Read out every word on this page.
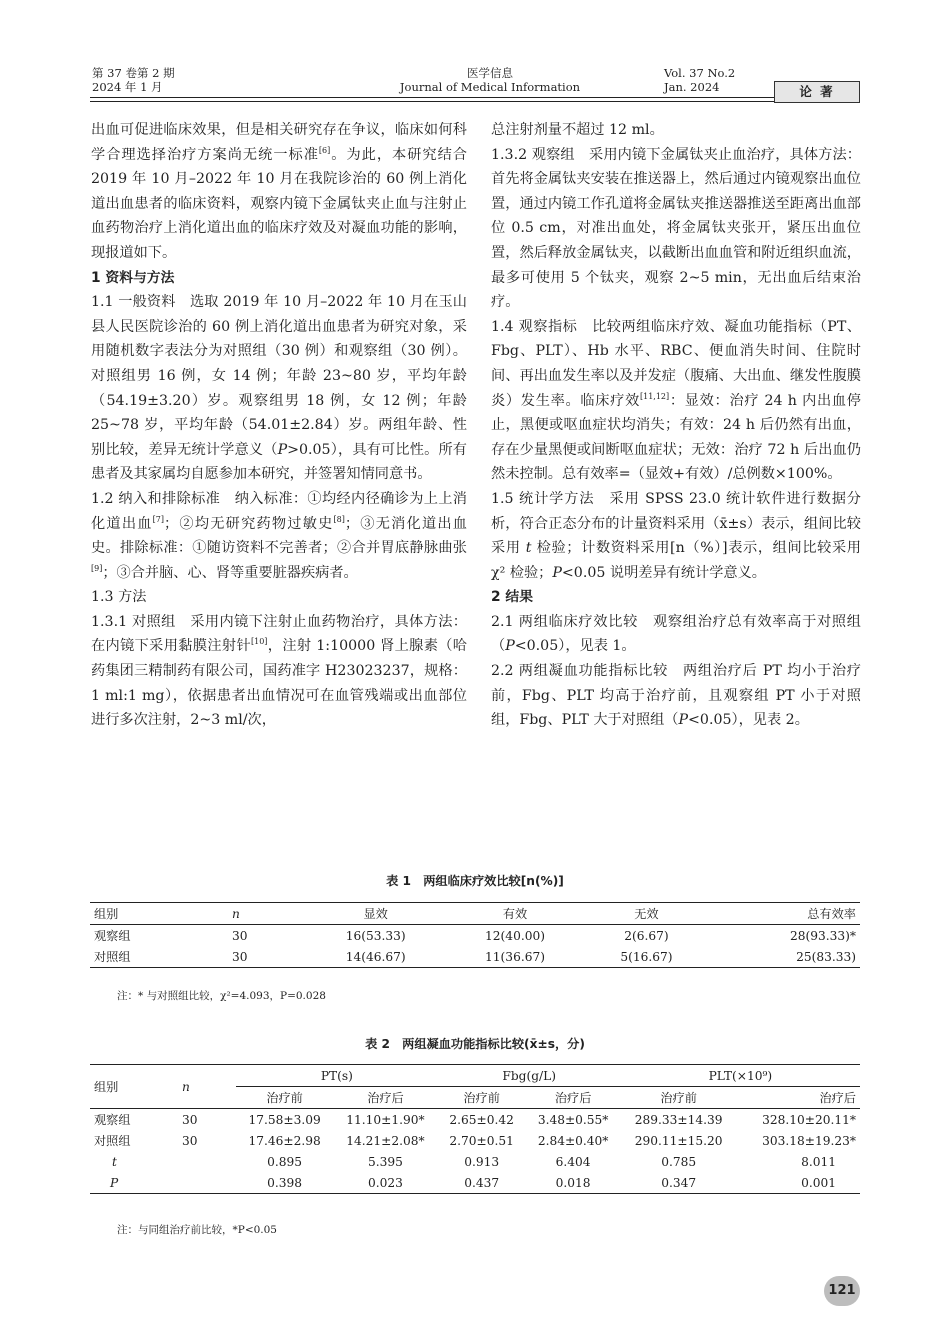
第 37 卷第 2 期
2024 年 1 月
医学信息
Journal of Medical Information
Vol. 37 No.2
Jan. 2024	论 著

出血可促进临床效果，但是相关研究存在争议，临床如何科学合理选择治疗方案尚无统一标准[6]。为此，本研究结合 2019 年 10 月–2022 年 10 月在我院诊治的 60 例上消化道出血患者的临床资料，观察内镜下金属钛夹止血与注射止血药物治疗上消化道出血的临床疗效及对凝血功能的影响，现报道如下。

1 资料与方法

1.1 一般资料　选取 2019 年 10 月–2022 年 10 月在玉山县人民医院诊治的 60 例上消化道出血患者为研究对象，采用随机数字表法分为对照组（30 例）和观察组（30 例）。对照组男 16 例，女 14 例；年龄 23~80 岁，平均年龄（54.19±3.20）岁。观察组男 18 例，女 12 例；年龄 25~78 岁，平均年龄（54.01±2.84）岁。两组年龄、性别比较，差异无统计学意义（P>0.05），具有可比性。所有患者及其家属均自愿参加本研究，并签署知情同意书。

1.2 纳入和排除标准　纳入标准：①均经内径确诊为上上消化道出血[7]；②均无研究药物过敏史[8]；③无消化道出血史。排除标准：①随访资料不完善者；②合并胃底静脉曲张[9]；③合并脑、心、肾等重要脏器疾病者。

1.3 方法

1.3.1 对照组　采用内镜下注射止血药物治疗，具体方法：在内镜下采用黏膜注射针[10]，注射 1:10000 肾上腺素（哈药集团三精制药有限公司，国药准字 H23023237，规格：1 ml:1 mg），依据患者出血情况可在血管残端或出血部位进行多次注射，2~3 ml/次，

总注射剂量不超过 12 ml。

1.3.2 观察组　采用内镜下金属钛夹止血治疗，具体方法：首先将金属钛夹安装在推送器上，然后通过内镜观察出血位置，通过内镜工作孔道将金属钛夹推送器推送至距离出血部位 0.5 cm，对准出血处，将金属钛夹张开，紧压出血位置，然后释放金属钛夹，以截断出血血管和附近组织血流，最多可使用 5 个钛夹，观察 2~5 min，无出血后结束治疗。

1.4 观察指标　比较两组临床疗效、凝血功能指标（PT、Fbg、PLT）、Hb 水平、RBC、便血消失时间、住院时间、再出血发生率以及并发症（腹痛、大出血、继发性腹膜炎）发生率。临床疗效[11,12]：显效：治疗 24 h 内出血停止，黑便或呕血症状均消失；有效：24 h 后仍然有出血，存在少量黑便或间断呕血症状；无效：治疗 72 h 后出血仍然未控制。总有效率=（显效+有效）/总例数×100%。

1.5 统计学方法　采用 SPSS 23.0 统计软件进行数据分析，符合正态分布的计量资料采用（x̄±s）表示，组间比较采用 t 检验；计数资料采用[n（%）]表示，组间比较采用 χ² 检验；P<0.05 说明差异有统计学意义。

2 结果

2.1 两组临床疗效比较　观察组治疗总有效率高于对照组（P<0.05），见表 1。

2.2 两组凝血功能指标比较　两组治疗后 PT 均小于治疗前，Fbg、PLT 均高于治疗前，且观察组 PT 小于对照组，Fbg、PLT 大于对照组（P<0.05），见表 2。

表 1　两组临床疗效比较[n(%)]
组别	n	显效	有效	无效	总有效率
观察组	30	16(53.33)	12(40.00)	2(6.67)	28(93.33)*
对照组	30	14(46.67)	11(36.67)	5(16.67)	25(83.33)
注：* 与对照组比较，χ²=4.093，P=0.028
表 2　两组凝血功能指标比较(x̄±s，分)
组别	n	PT(s)		Fbg(g/L)		PLT(×10⁹)	
		治疗前	治疗后	治疗前	治疗后	治疗前	治疗后
观察组	30	17.58±3.09	11.10±1.90*	2.65±0.42	3.48±0.55*	289.33±14.39	328.10±20.11*
对照组	30	17.46±2.98	14.21±2.08*	2.70±0.51	2.84±0.40*	290.11±15.20	303.18±19.23*
t		0.895	5.395	0.913	6.404	0.785	8.011
P		0.398	0.023	0.437	0.018	0.347	0.001
注：与同组治疗前比较，*P<0.05
121
